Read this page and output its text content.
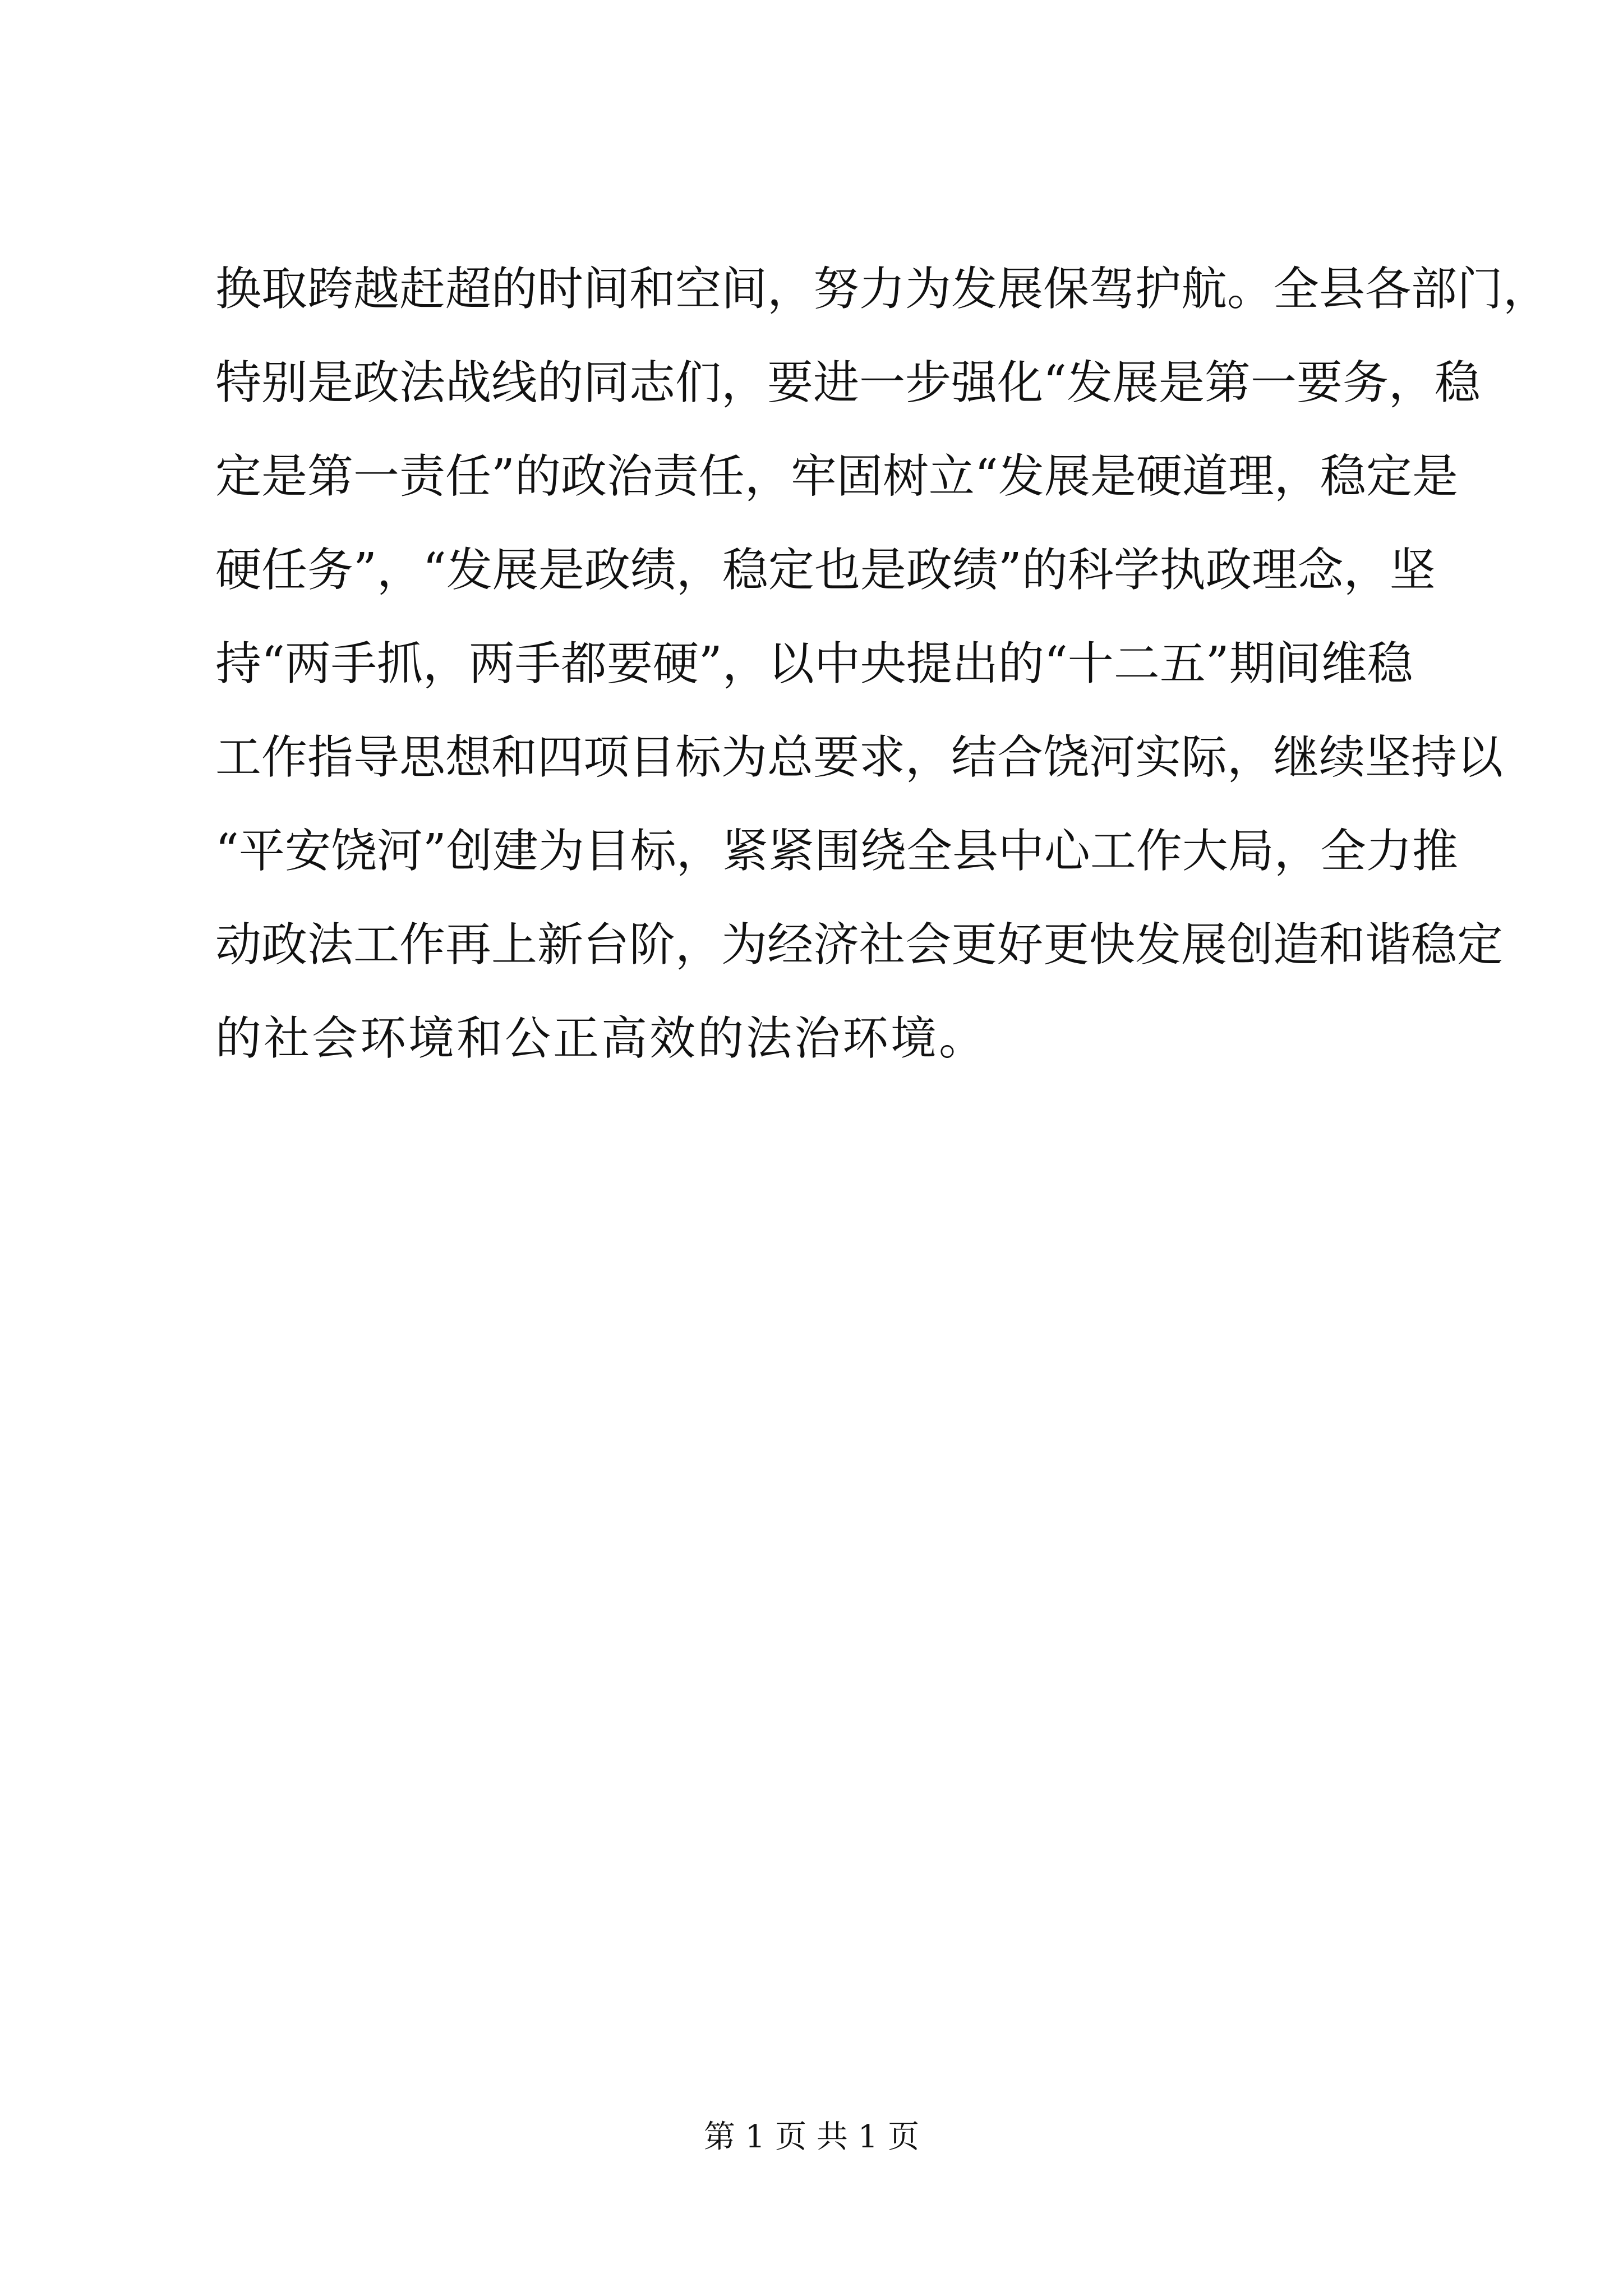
换取跨越赶超的时间和空间，努力为发展保驾护航。全县各部门，
特别是政法战线的同志们，要进一步强化“发展是第一要务，稳
定是第一责任”的政治责任，牢固树立“发展是硬道理，稳定是
硬任务”，“发展是政绩，稳定也是政绩”的科学执政理念，坚
持“两手抓，两手都要硬”，以中央提出的“十二五”期间维稳
工作指导思想和四项目标为总要求，结合饶河实际，继续坚持以
“平安饶河”创建为目标，紧紧围绕全县中心工作大局，全力推
动政法工作再上新台阶，为经济社会更好更快发展创造和谐稳定
的社会环境和公正高效的法治环境。
第 1 页 共 1 页
